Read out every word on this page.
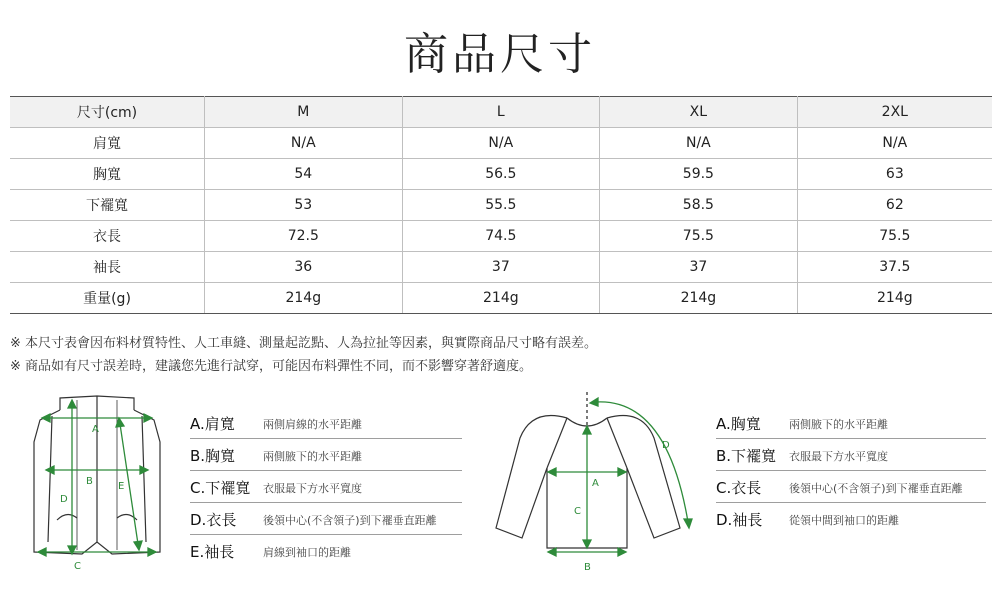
商品尺寸
尺寸(cm)	M	L	XL	2XL
肩寬	N/A	N/A	N/A	N/A
胸寬	54	56.5	59.5	63
下襬寬	53	55.5	58.5	62
衣長	72.5	74.5	75.5	75.5
袖長	36	37	37	37.5
重量(g)	214g	214g	214g	214g
※ 本尺寸表會因布料材質特性、人工車縫、測量起訖點、人為拉扯等因素，與實際商品尺寸略有誤差。
※ 商品如有尺寸誤差時，建議您先進行試穿，可能因布料彈性不同，而不影響穿著舒適度。
A
B
C
D
E
A.肩寬	兩側肩線的水平距離
B.胸寬	兩側腋下的水平距離
C.下襬寬 衣服最下方水平寬度
D.衣長 後領中心(不含領子)到下襬垂直距離
E.袖長	肩線到袖口的距離
A
B
C
D
A.胸寬	兩側腋下的水平距離
B.下襬寬 衣服最下方水平寬度
C.衣長	後領中心(不含領子)到下襬垂直距離
D.袖長 從領中間到袖口的距離
